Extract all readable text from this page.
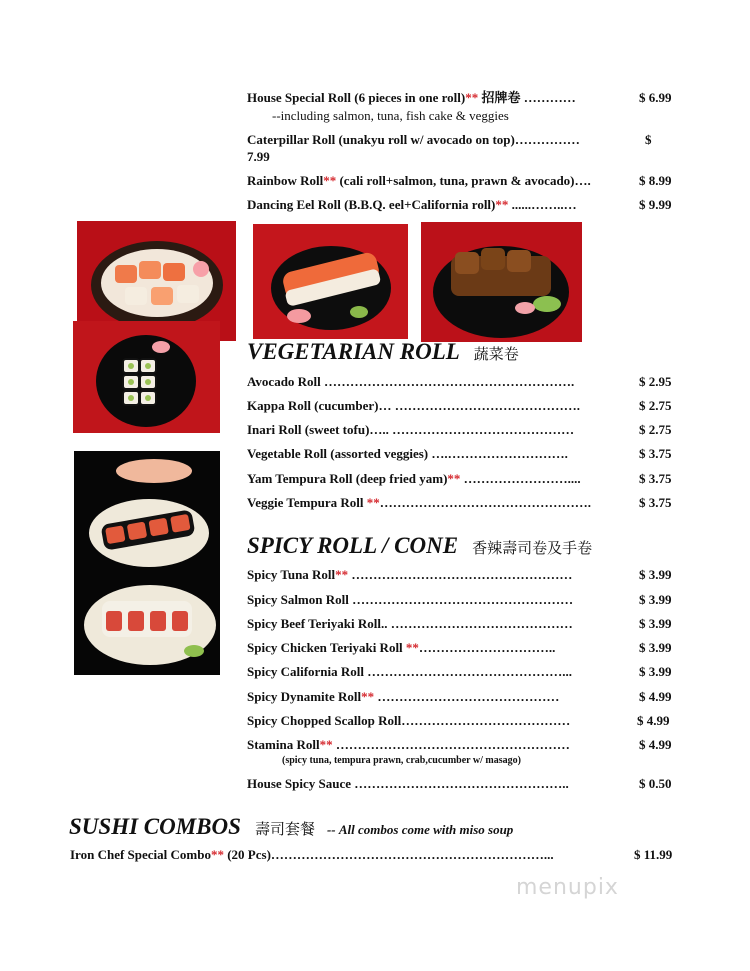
House Special Roll (6 pieces in one roll)** 招牌卷 …………	$ 6.99
--including salmon, tuna, fish cake & veggies
Caterpillar Roll (unakyu roll w/ avocado on top)……………	$
7.99
Rainbow Roll** (cali roll+salmon, tuna, prawn & avocado)….	$ 8.99
Dancing Eel Roll (B.B.Q. eel+California roll)** ......……..…	$ 9.99
VEGETARIAN ROLL 蔬菜卷
Avocado Roll ………………………………………………….	$ 2.95
Kappa Roll (cucumber)… …………………………………….	$ 2.75
Inari Roll (sweet tofu)….. ……………………………………	$ 2.75
Vegetable Roll (assorted veggies) ….……………………….	$ 3.75
Yam Tempura Roll (deep fried yam)** ……………………....	$ 3.75
Veggie Tempura Roll **………………………………………….	$ 3.75
SPICY ROLL / CONE 香辣壽司卷及手卷
Spicy Tuna Roll** ……………………………………………	$ 3.99
Spicy Salmon Roll ……………………………………………	$ 3.99
Spicy Beef Teriyaki Roll.. ……………………………………	$ 3.99
Spicy Chicken Teriyaki Roll **…………………………..	$ 3.99
Spicy California Roll ………………………………………...	$ 3.99
Spicy Dynamite Roll** ……………………………………	$ 4.99
Spicy Chopped Scallop Roll…………………………………	$ 4.99
Stamina Roll** ………………………………………………	$ 4.99
(spicy tuna, tempura prawn, crab,cucumber w/ masago)
House Spicy Sauce …………………………………………..	$ 0.50
SUSHI COMBOS 壽司套餐 -- All combos come with miso soup
Iron Chef Special Combo** (20 Pcs)………………………………………………………...	$ 11.99
menupix
